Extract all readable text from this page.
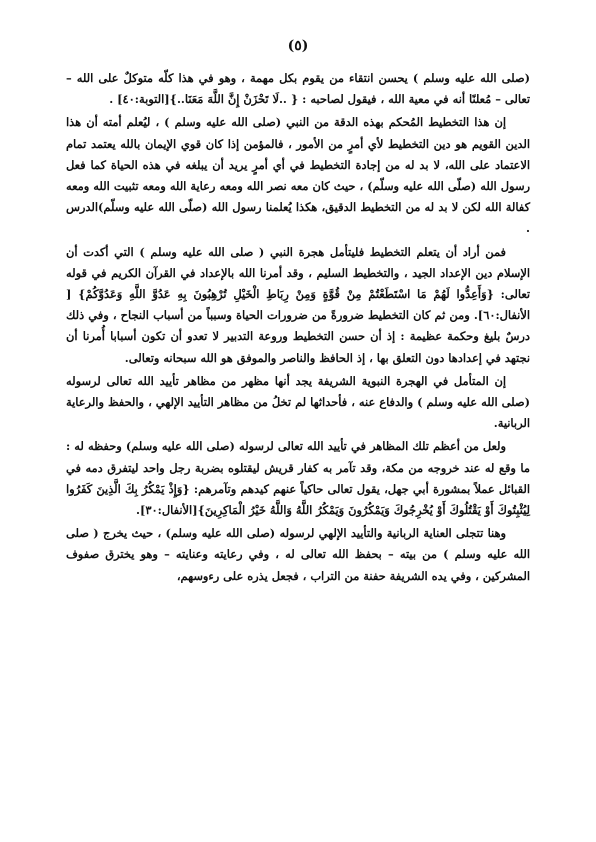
(٥)

(صلى الله عليه وسلم ) يحسن انتقاء من يقوم بكل مهمة ، وهو في هذا كلّه متوكلٌ على الله – تعالى – مُعلنًا أنه في معية الله ، فيقول لصاحبه : { ..لَا تَحْزَنْ إِنَّ اللَّهَ مَعَنَا..}[التوبة:٤٠] .

إن هذا التخطيط المُحكم بهذه الدقة من النبي (صلى الله عليه وسلم ) ، ليُعلم أمته أن هذا الدين القويم هو دين التخطيط لأي أمرٍ من الأمور ، فالمؤمن إذا كان قوي الإيمان بالله يعتمد تمام الاعتماد على الله، لا بد له من إجادة التخطيط في أي أمرٍ يريد أن يبلغه في هذه الحياة كما فعل رسول الله (صلّى الله عليه وسلّم) ، حيث كان معه نصر الله ومعه رعاية الله ومعه تثبيت الله ومعه كفالة الله لكن لا بد له من التخطيط الدقيق، هكذا يُعلمنا رسول الله (صلّى الله عليه وسلّم)الدرس .

فمن أراد أن يتعلم التخطيط فليتأمل هجرة النبي ( صلى الله عليه وسلم ) التي أكدت أن الإسلام دين الإعداد الجيد ، والتخطيط السليم ، وقد أمرنا الله بالإعداد في القرآن الكريم في قوله تعالى: {وَأَعِدُّوا لَهُمْ مَا اسْتَطَعْتُمْ مِنْ قُوَّةٍ وَمِنْ رِبَاطِ الْخَيْلِ تُرْهِبُونَ بِهِ عَدُوَّ اللَّهِ وَعَدُوَّكُمْ} [ الأنفال:٦٠]. ومن ثم كان التخطيط ضرورةً من ضرورات الحياة وسبباً من أسباب النجاح ، وفي ذلك درسٌ بليغ وحكمة عظيمة : إذ أن حسن التخطيط وروعة التدبير لا تعدو أن تكون أسبابا أُمرنا أن نجتهد في إعدادها دون التعلق بها ، إذ الحافظ والناصر والموفق هو الله سبحانه وتعالى.

إن المتأمل في الهجرة النبوية الشريفة يجد أنها مظهر من مظاهر تأييد الله تعالى لرسوله (صلى الله عليه وسلم ) والدفاع عنه ، فأحداثها لم تخلُ من مظاهر التأييد الإلهي ، والحفظ والرعاية الربانية.

ولعل من أعظم تلك المظاهر في تأييد الله تعالى لرسوله (صلى الله عليه وسلم) وحفظه له : ما وقع له عند خروجه من مكة، وقد تآمر به كفار قريش ليقتلوه بضربة رجل واحد ليتفرق دمه في القبائل عملاً بمشورة أبي جهل، يقول تعالى حاكياً عنهم كيدهم وتآمرهم: {وَإِذْ يَمْكُرُ بِكَ الَّذِينَ كَفَرُوا لِيُثْبِتُوكَ أَوْ يَقْتُلُوكَ أَوْ يُخْرِجُوكَ وَيَمْكُرُونَ وَيَمْكُرُ اللَّهُ وَاللَّهُ خَيْرُ الْمَاكِرِينَ}[الأنفال:٣٠].

وهنا تتجلى العناية الربانية والتأييد الإلهي لرسوله (صلى الله عليه وسلم) ، حيث يخرج ( صلى الله عليه وسلم ) من بيته – بحفظ الله تعالى له ، وفي رعايته وعنايته – وهو يخترق صفوف المشركين ، وفي يده الشريفة حفنة من التراب ، فجعل يذره على رءوسهم،
